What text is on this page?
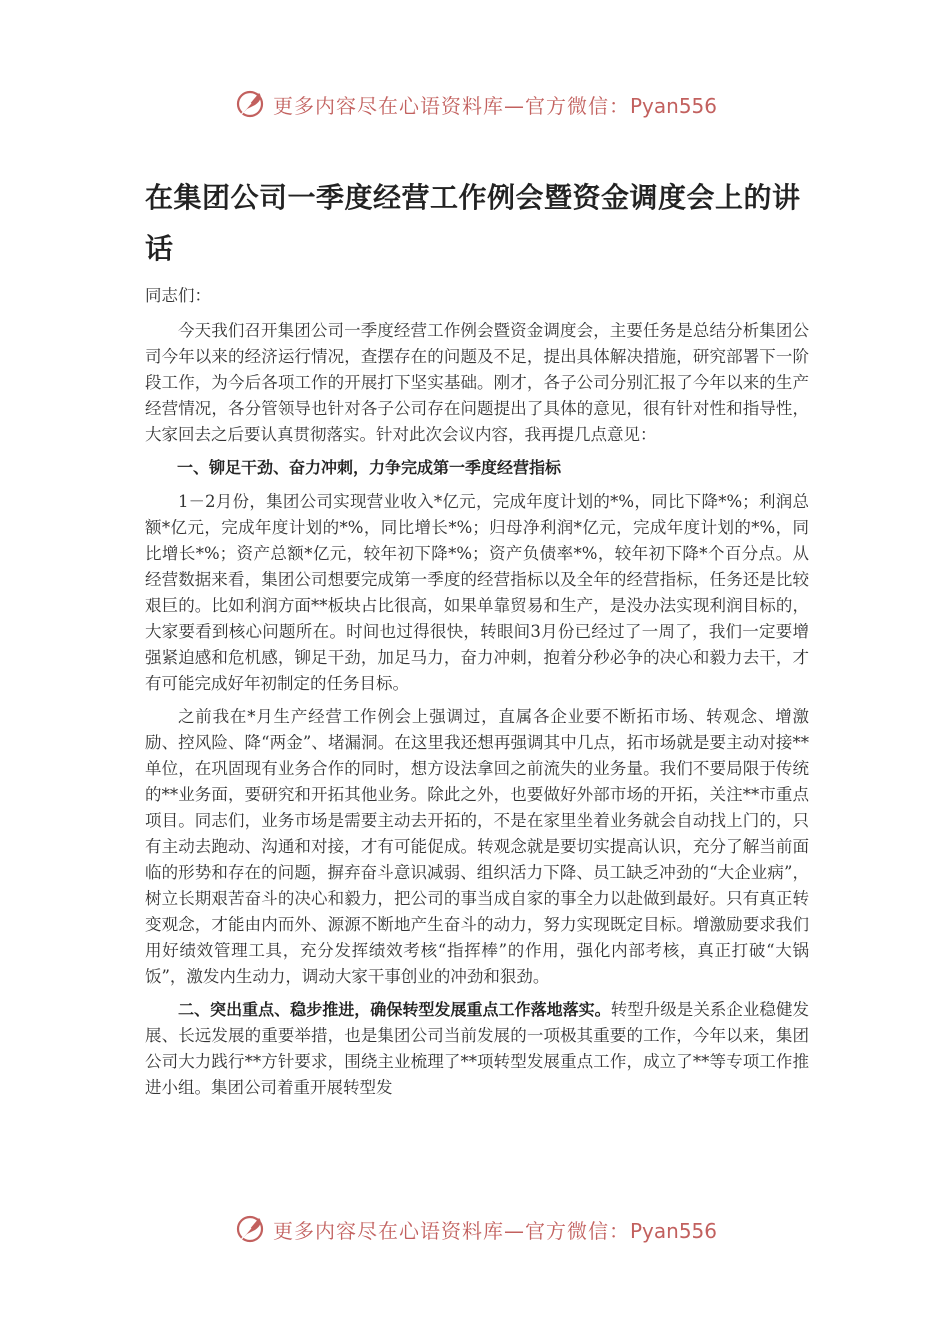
更多内容尽在心语资料库—官方微信：Pyan556
在集团公司一季度经营工作例会暨资金调度会上的讲话

同志们：

今天我们召开集团公司一季度经营工作例会暨资金调度会，主要任务是总结分析集团公司今年以来的经济运行情况，查摆存在的问题及不足，提出具体解决措施，研究部署下一阶段工作，为今后各项工作的开展打下坚实基础。刚才，各子公司分别汇报了今年以来的生产经营情况，各分管领导也针对各子公司存在问题提出了具体的意见，很有针对性和指导性，大家回去之后要认真贯彻落实。针对此次会议内容，我再提几点意见：

一、铆足干劲、奋力冲刺，力争完成第一季度经营指标

1－2月份，集团公司实现营业收入*亿元，完成年度计划的*%，同比下降*%；利润总额*亿元，完成年度计划的*%，同比增长*%；归母净利润*亿元，完成年度计划的*%，同比增长*%；资产总额*亿元，较年初下降*%；资产负债率*%，较年初下降*个百分点。从经营数据来看，集团公司想要完成第一季度的经营指标以及全年的经营指标，任务还是比较艰巨的。比如利润方面**板块占比很高，如果单靠贸易和生产，是没办法实现利润目标的，大家要看到核心问题所在。时间也过得很快，转眼间3月份已经过了一周了，我们一定要增强紧迫感和危机感，铆足干劲，加足马力，奋力冲刺，抱着分秒必争的决心和毅力去干，才有可能完成好年初制定的任务目标。

之前我在*月生产经营工作例会上强调过，直属各企业要不断拓市场、转观念、增激励、控风险、降“两金”、堵漏洞。在这里我还想再强调其中几点，拓市场就是要主动对接**单位，在巩固现有业务合作的同时，想方设法拿回之前流失的业务量。我们不要局限于传统的**业务面，要研究和开拓其他业务。除此之外，也要做好外部市场的开拓，关注**市重点项目。同志们，业务市场是需要主动去开拓的，不是在家里坐着业务就会自动找上门的，只有主动去跑动、沟通和对接，才有可能促成。转观念就是要切实提高认识，充分了解当前面临的形势和存在的问题，摒弃奋斗意识减弱、组织活力下降、员工缺乏冲劲的“大企业病”，树立长期艰苦奋斗的决心和毅力，把公司的事当成自家的事全力以赴做到最好。只有真正转变观念，才能由内而外、源源不断地产生奋斗的动力，努力实现既定目标。增激励要求我们用好绩效管理工具，充分发挥绩效考核“指挥棒”的作用，强化内部考核，真正打破“大锅饭”，激发内生动力，调动大家干事创业的冲劲和狠劲。

二、突出重点、稳步推进，确保转型发展重点工作落地落实。转型升级是关系企业稳健发展、长远发展的重要举措，也是集团公司当前发展的一项极其重要的工作，今年以来，集团公司大力践行**方针要求，围绕主业梳理了**项转型发展重点工作，成立了**等专项工作推进小组。集团公司着重开展转型发

更多内容尽在心语资料库—官方微信：Pyan556
